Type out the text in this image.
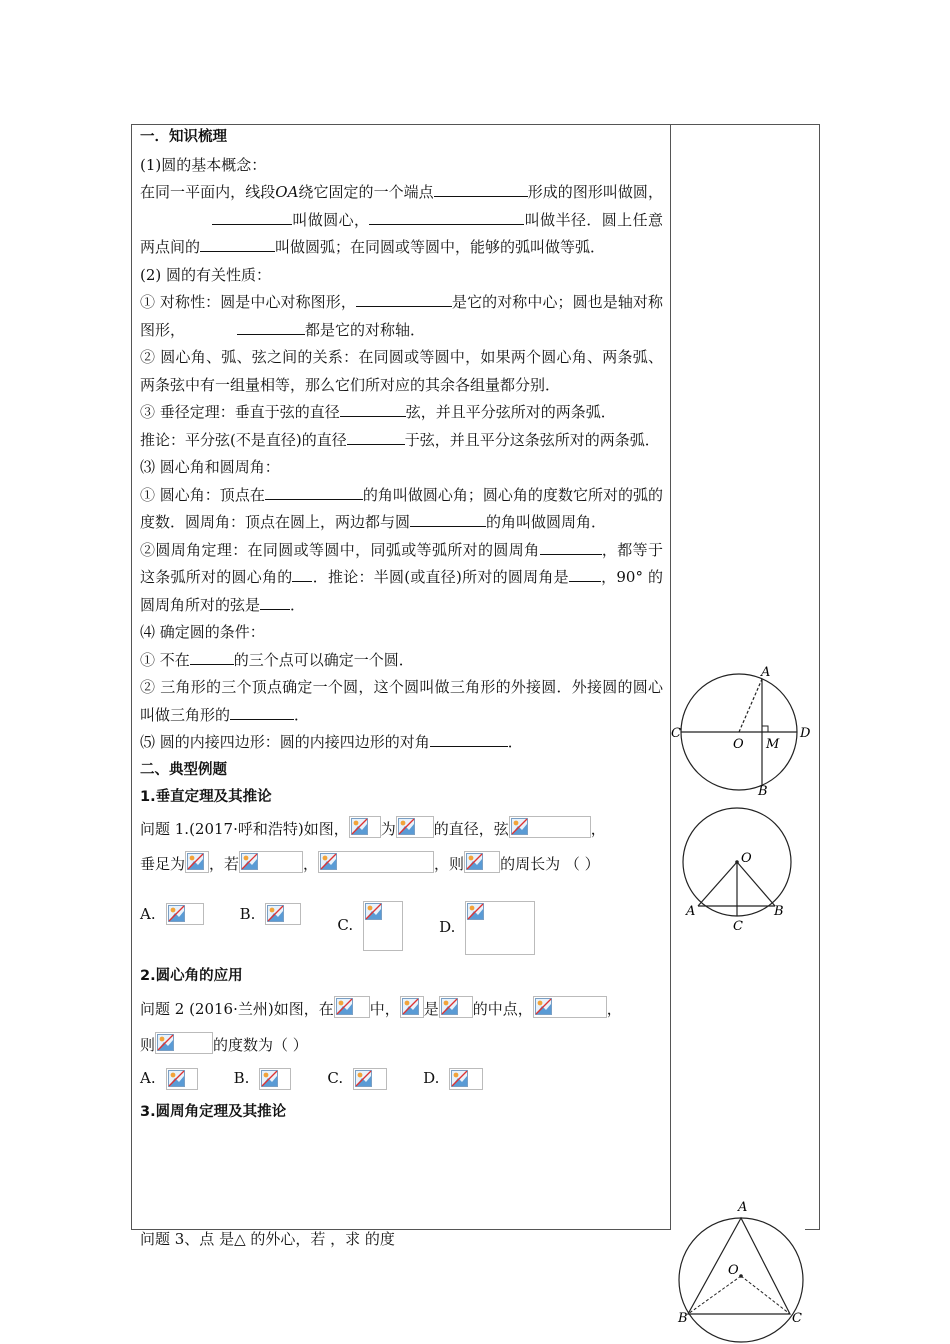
一．知识梳理

(1)圆的基本概念：

在同一平面内，线段OA绕它固定的一个端点	形成的图形叫做圆，叫做圆心，	叫做半径．圆上任意两点间的	叫做圆弧；在同圆或等圆中，能够的弧叫做等弧．

(2) 圆的有关性质：

① 对称性：圆是中心对称图形，	是它的对称中心；圆也是轴对称图形，	都是它的对称轴．

② 圆心角、弧、弦之间的关系：在同圆或等圆中，如果两个圆心角、两条弧、两条弦中有一组量相等，那么它们所对应的其余各组量都分别．

③ 垂径定理：垂直于弦的直径	弦，并且平分弦所对的两条弧．

推论：平分弦(不是直径)的直径	于弦，并且平分这条弦所对的两条弧．

⑶ 圆心角和圆周角：

① 圆心角：顶点在	的角叫做圆心角；圆心角的度数它所对的弧的度数．圆周角：顶点在圆上，两边都与圆	的角叫做圆周角．

②圆周角定理：在同圆或等圆中，同弧或等弧所对的圆周角	，都等于这条弧所对的圆心角的 ．推论：半圆(或直径)所对的圆周角是 ，90° 的圆周角所对的弦是 ．

⑷ 确定圆的条件：

① 不在	的三个点可以确定一个圆．

② 三角形的三个顶点确定一个圆，这个圆叫做三角形的外接圆．外接圆的圆心叫做三角形的	．

⑸ 圆的内接四边形：圆的内接四边形的对角	．

二、典型例题

1.垂直定理及其推论

问题 1.(2017·呼和浩特)如图， 为	的直径，弦	，

垂足为 ，若	，	，则 的周长为 （ ）

A.	B.
C.	D.

2.圆心角的应用

问题 2 (2016·兰州)如图，在 中， 是 的中点，	，

则	的度数为（ ）

A.	B.	C.	D.

3.圆周角定理及其推论

问题 3、点 是△ 的外心，若 ，求 的度
A
B
C	D
O M
O
A	B
C
A
B	C
O
